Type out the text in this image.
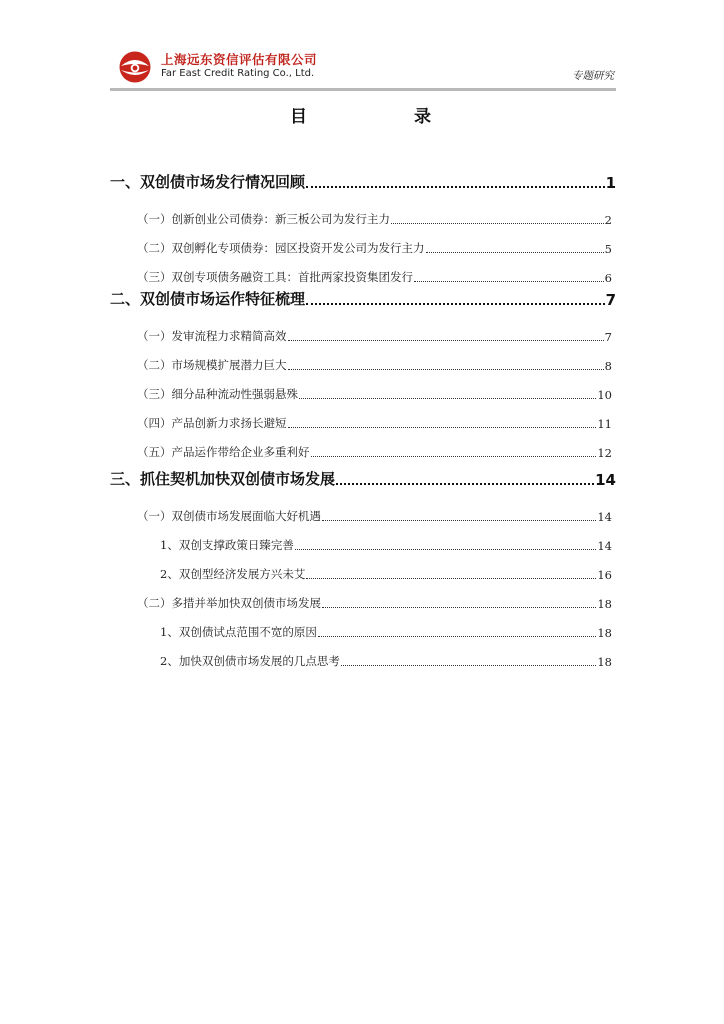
上海远东资信评估有限公司
Far East Credit Rating Co., Ltd.	专题研究
目	录
一、双创债市场发行情况回顾	1
（一）创新创业公司债券：新三板公司为发行主力	2
（二）双创孵化专项债券：园区投资开发公司为发行主力	5
（三）双创专项债务融资工具：首批两家投资集团发行	6
二、双创债市场运作特征梳理	7
（一）发审流程力求精简高效	7
（二）市场规模扩展潜力巨大	8
（三）细分品种流动性强弱悬殊	10
（四）产品创新力求扬长避短	11
（五）产品运作带给企业多重利好	12
三、抓住契机加快双创债市场发展	14
（一）双创债市场发展面临大好机遇	14
1、双创支撑政策日臻完善	14
2、双创型经济发展方兴未艾	16
（二）多措并举加快双创债市场发展	18
1、双创债试点范围不宽的原因	18
2、加快双创债市场发展的几点思考	18
